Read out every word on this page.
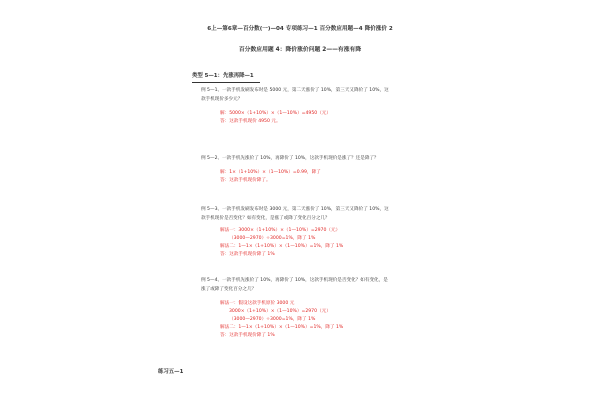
6上—第6章—百分数(一)—04 专项练习—1 百分数应用题—4 降价涨价 2
百分数应用题 4：降价涨价问题 2——有涨有降
类型 5—1：先涨再降—1
例 5—1、一款手机发刷发布时是 5000 元，第二天涨价了 10%，第三天又降价了 10%，这
款手机现价多少元？
解：5000×（1+10%）×（1—10%）=4950（元）
答：这款手机现价 4950 元。
例 5—2、一款手机先涨价了 10%，再降价了 10%，这款手机现价是涨了？还是降了？
解：1×（1+10%）×（1—10%）=0.99，降了
答：这款手机现价降了。
例 5—3、一款手机发刷发布时是 3000 元，第二天涨价了 10%，第三天又降价了 10%，这
款手机现价是否变化？如有变化，是涨了或降了变化百分之几？
解法一：3000×（1+10%）×（1—10%）=2970（元）
（3000—2970）÷3000=1%，降了 1%
解法二：1—1×（1+10%）×（1—10%）=1%，降了 1%
答：这款手机现价降了 1%
例 5—4、一款手机先涨价了 10%，再降价了 10%，这款手机现价是否变化？如有变化，是
涨了或降了变化百分之几？
解法一：假设这款手机原价 3000 元
3000×（1+10%）×（1—10%）=2970（元）
（3000—2970）÷3000=1%，降了 1%
解法二：1—1×（1+10%）×（1—10%）=1%，降了 1%
答：这款手机现价降了 1%
练习五—1
